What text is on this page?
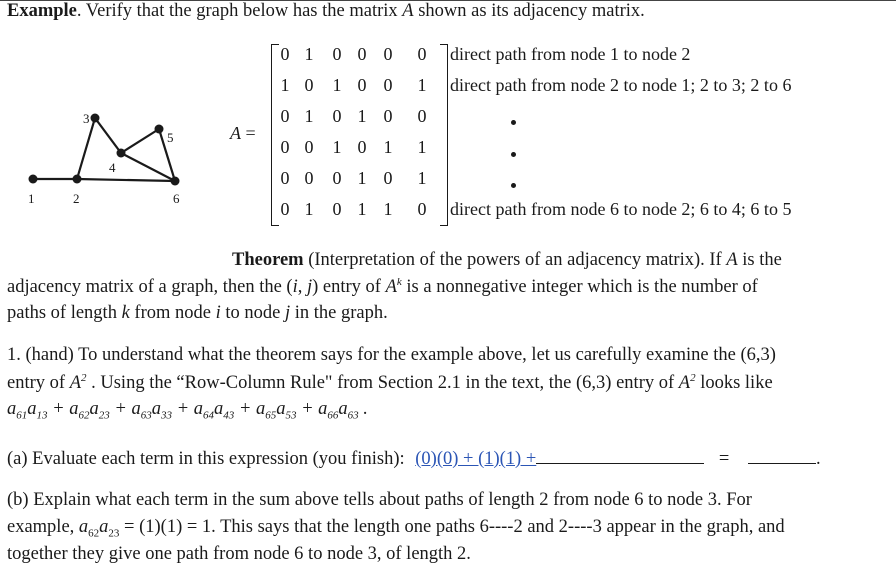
Example. Verify that the graph below has the matrix A shown as its adjacency matrix.
1	2
3
4
5
6
A =
0 1	0 0 0	0
1 0	1 0 0	1
0 1	0 1 0	0
0 0	1 0 1	1
0 0	0 1 0	1
0 1	0 1 1	0
direct path from node 1 to node 2
direct path from node 2 to node 1; 2 to 3; 2 to 6
direct path from node 6 to node 2; 6 to 4; 6 to 5
Theorem (Interpretation of the powers of an adjacency matrix). If A is the
adjacency matrix of a graph, then the (i, j) entry of $A^k$ is a nonnegative integer which is the number of
paths of length k from node i to node j in the graph.
1. (hand) To understand what the theorem says for the example above, let us carefully examine the (6,3)
entry of $A^2$ . Using the “Row-Column Rule" from Section 2.1 in the text, the (6,3) entry of $A^2$ looks like
$a_{61}a_{13} + a_{62}a_{23} + a_{63}a_{33} + a_{64}a_{43} + a_{65}a_{53} + a_{66}a_{63}$ .
(a) Evaluate each term in this expression (you finish): (0)(0) + (1)(1) +	=	.
(b) Explain what each term in the sum above tells about paths of length 2 from node 6 to node 3. For
example, $a_{62}a_{23} = (1)(1) = 1$. This says that the length one paths 6----2 and 2----3 appear in the graph, and
together they give one path from node 6 to node 3, of length 2.
